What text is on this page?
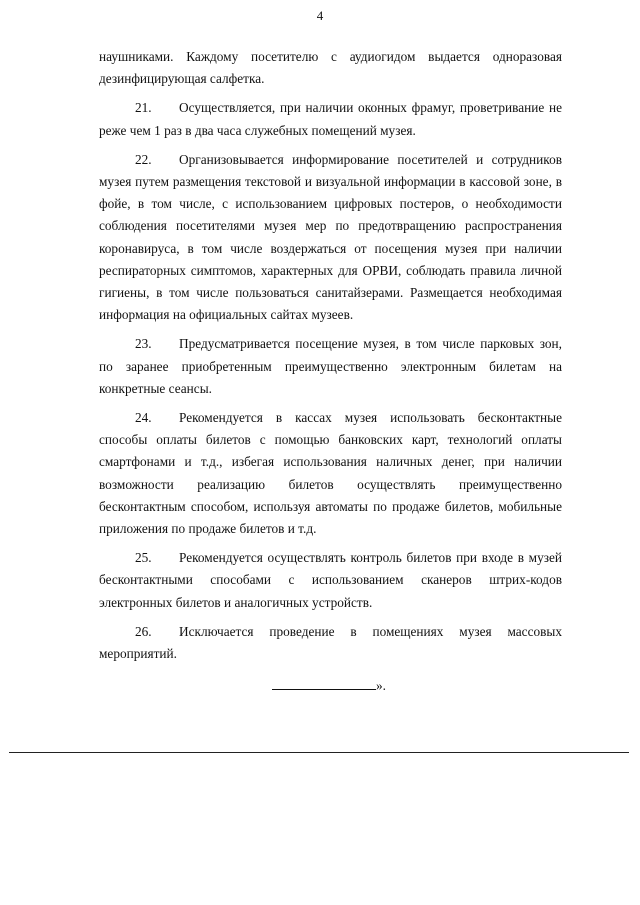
4

наушниками. Каждому посетителю с аудиогидом выдается одноразовая дезинфицирующая салфетка.

21. Осуществляется, при наличии оконных фрамуг, проветривание не реже чем 1 раз в два часа служебных помещений музея.

22. Организовывается информирование посетителей и сотрудников музея путем размещения текстовой и визуальной информации в кассовой зоне, в фойе, в том числе, с использованием цифровых постеров, о необходимости соблюдения посетителями музея мер по предотвращению распространения коронавируса, в том числе воздержаться от посещения музея при наличии респираторных симптомов, характерных для ОРВИ, соблюдать правила личной гигиены, в том числе пользоваться санитайзерами. Размещается необходимая информация на официальных сайтах музеев.

23. Предусматривается посещение музея, в том числе парковых зон, по заранее приобретенным преимущественно электронным билетам на конкретные сеансы.

24. Рекомендуется в кассах музея использовать бесконтактные способы оплаты билетов с помощью банковских карт, технологий оплаты смартфонами и т.д., избегая использования наличных денег, при наличии возможности реализацию билетов осуществлять преимущественно бесконтактным способом, используя автоматы по продаже билетов, мобильные приложения по продаже билетов и т.д.

25. Рекомендуется осуществлять контроль билетов при входе в музей бесконтактными способами с использованием сканеров штрих-кодов электронных билетов и аналогичных устройств.

26. Исключается проведение в помещениях музея массовых мероприятий.

».
